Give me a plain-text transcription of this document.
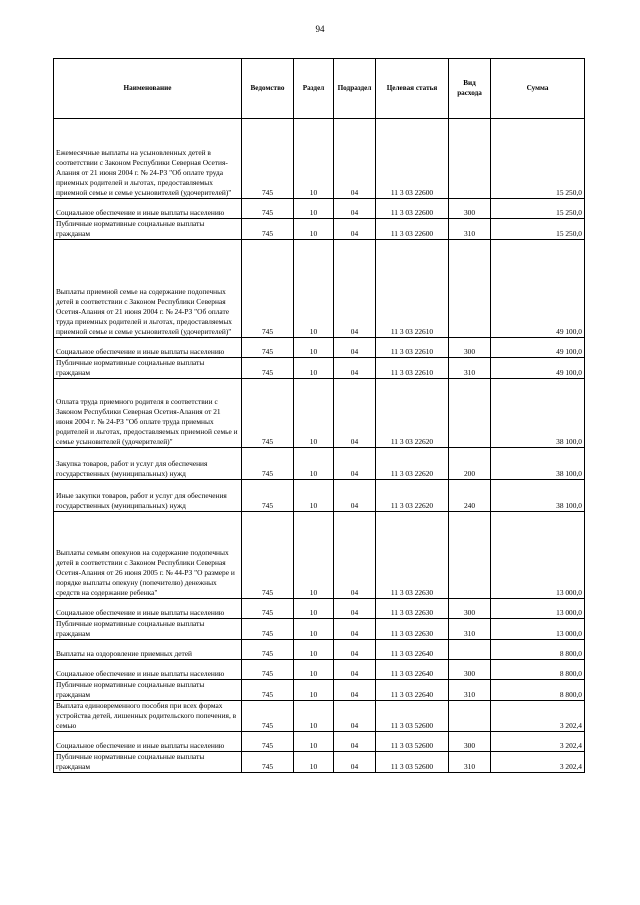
94
Наименование	Ведомство	Раздел	Подраздел	Целевая статья	Вид расхода	Сумма
Ежемесячные выплаты на усыновленных детей в соответствии с Законом Республики Северная Осетия-Алания от 21 июня 2004 г. № 24-РЗ "Об оплате труда приемных родителей и льготах, предоставляемых приемной семье и семье усыновителей (удочерителей)"	745	10	04	11 3 03 22600		15 250,0
Социальное обеспечение и иные выплаты населению	745	10	04	11 3 03 22600	300	15 250,0
Публичные нормативные социальные выплаты гражданам	745	10	04	11 3 03 22600	310	15 250,0
Выплаты приемной семье на содержание подопечных детей в соответствии с Законом Республики Северная Осетия-Алания от 21 июня 2004 г. № 24-РЗ "Об оплате труда приемных родителей и льготах, предоставляемых приемной семье и семье усыновителей (удочерителей)"	745	10	04	11 3 03 22610		49 100,0
Социальное обеспечение и иные выплаты населению	745	10	04	11 3 03 22610	300	49 100,0
Публичные нормативные социальные выплаты гражданам	745	10	04	11 3 03 22610	310	49 100,0
Оплата труда приемного родителя в соответствии с Законом Республики Северная Осетия-Алания от 21 июня 2004 г. № 24-РЗ "Об оплате труда приемных родителей и льготах, предоставляемых приемной семье и семье усыновителей (удочерителей)"	745	10	04	11 3 03 22620		38 100,0
Закупка товаров, работ и услуг для обеспечения государственных (муниципальных) нужд	745	10	04	11 3 03 22620	200	38 100,0
Иные закупки товаров, работ и услуг для обеспечения государственных (муниципальных) нужд	745	10	04	11 3 03 22620	240	38 100,0
Выплаты семьям опекунов на содержание подопечных детей в соответствии с Законом Республики Северная Осетия-Алания от 26 июня 2005 г. № 44-РЗ "О размере и порядке выплаты опекуну (попечителю) денежных средств на содержание ребенка"	745	10	04	11 3 03 22630		13 000,0
Социальное обеспечение и иные выплаты населению	745	10	04	11 3 03 22630	300	13 000,0
Публичные нормативные социальные выплаты гражданам	745	10	04	11 3 03 22630	310	13 000,0
Выплаты на оздоровление приемных детей	745	10	04	11 3 03 22640		8 800,0
Социальное обеспечение и иные выплаты населению	745	10	04	11 3 03 22640	300	8 800,0
Публичные нормативные социальные выплаты гражданам	745	10	04	11 3 03 22640	310	8 800,0
Выплата единовременного пособия при всех формах устройства детей, лишенных родительского попечения, в семью	745	10	04	11 3 03 52600		3 202,4
Социальное обеспечение и иные выплаты населению	745	10	04	11 3 03 52600	300	3 202,4
Публичные нормативные социальные выплаты гражданам	745	10	04	11 3 03 52600	310	3 202,4
